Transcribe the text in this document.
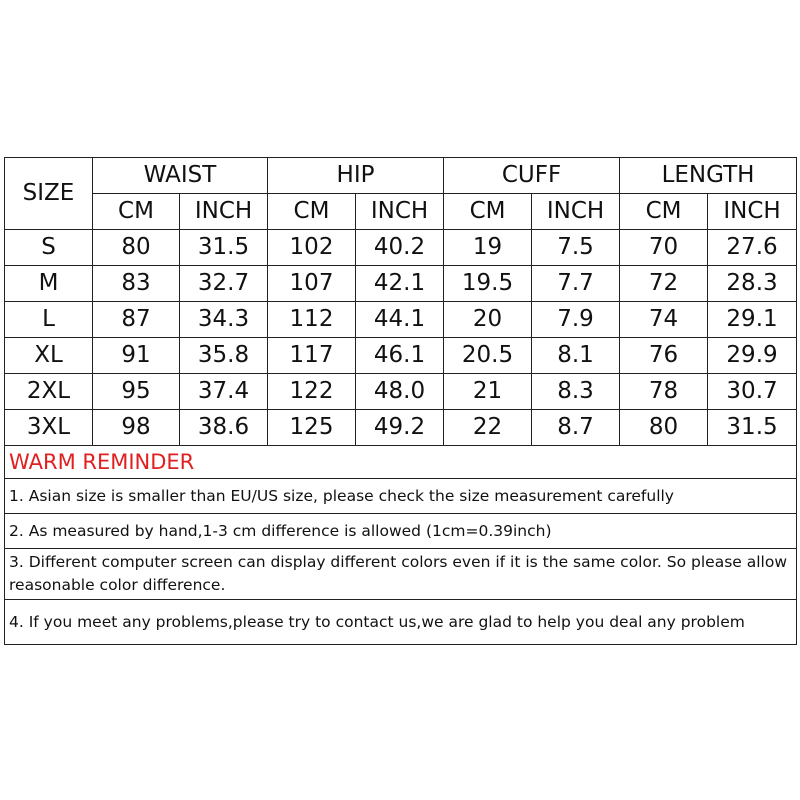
SIZE	WAIST		HIP		CUFF		LENGTH	
	CM	INCH	CM	INCH	CM	INCH	CM	INCH
S	80	31.5	102	40.2	19	7.5	70	27.6
M	83	32.7	107	42.1	19.5	7.7	72	28.3
L	87	34.3	112	44.1	20	7.9	74	29.1
XL	91	35.8	117	46.1	20.5	8.1	76	29.9
2XL	95	37.4	122	48.0	21	8.3	78	30.7
3XL	98	38.6	125	49.2	22	8.7	80	31.5
WARM REMINDER								
1. Asian size is smaller than EU/US size, please check the size measurement carefully								
2. As measured by hand,1-3 cm difference is allowed (1cm=0.39inch)								
3. Different computer screen can display different colors even if it is the same color. So please allow reasonable color difference.								
4. If you meet any problems,please try to contact us,we are glad to help you deal any problem								
